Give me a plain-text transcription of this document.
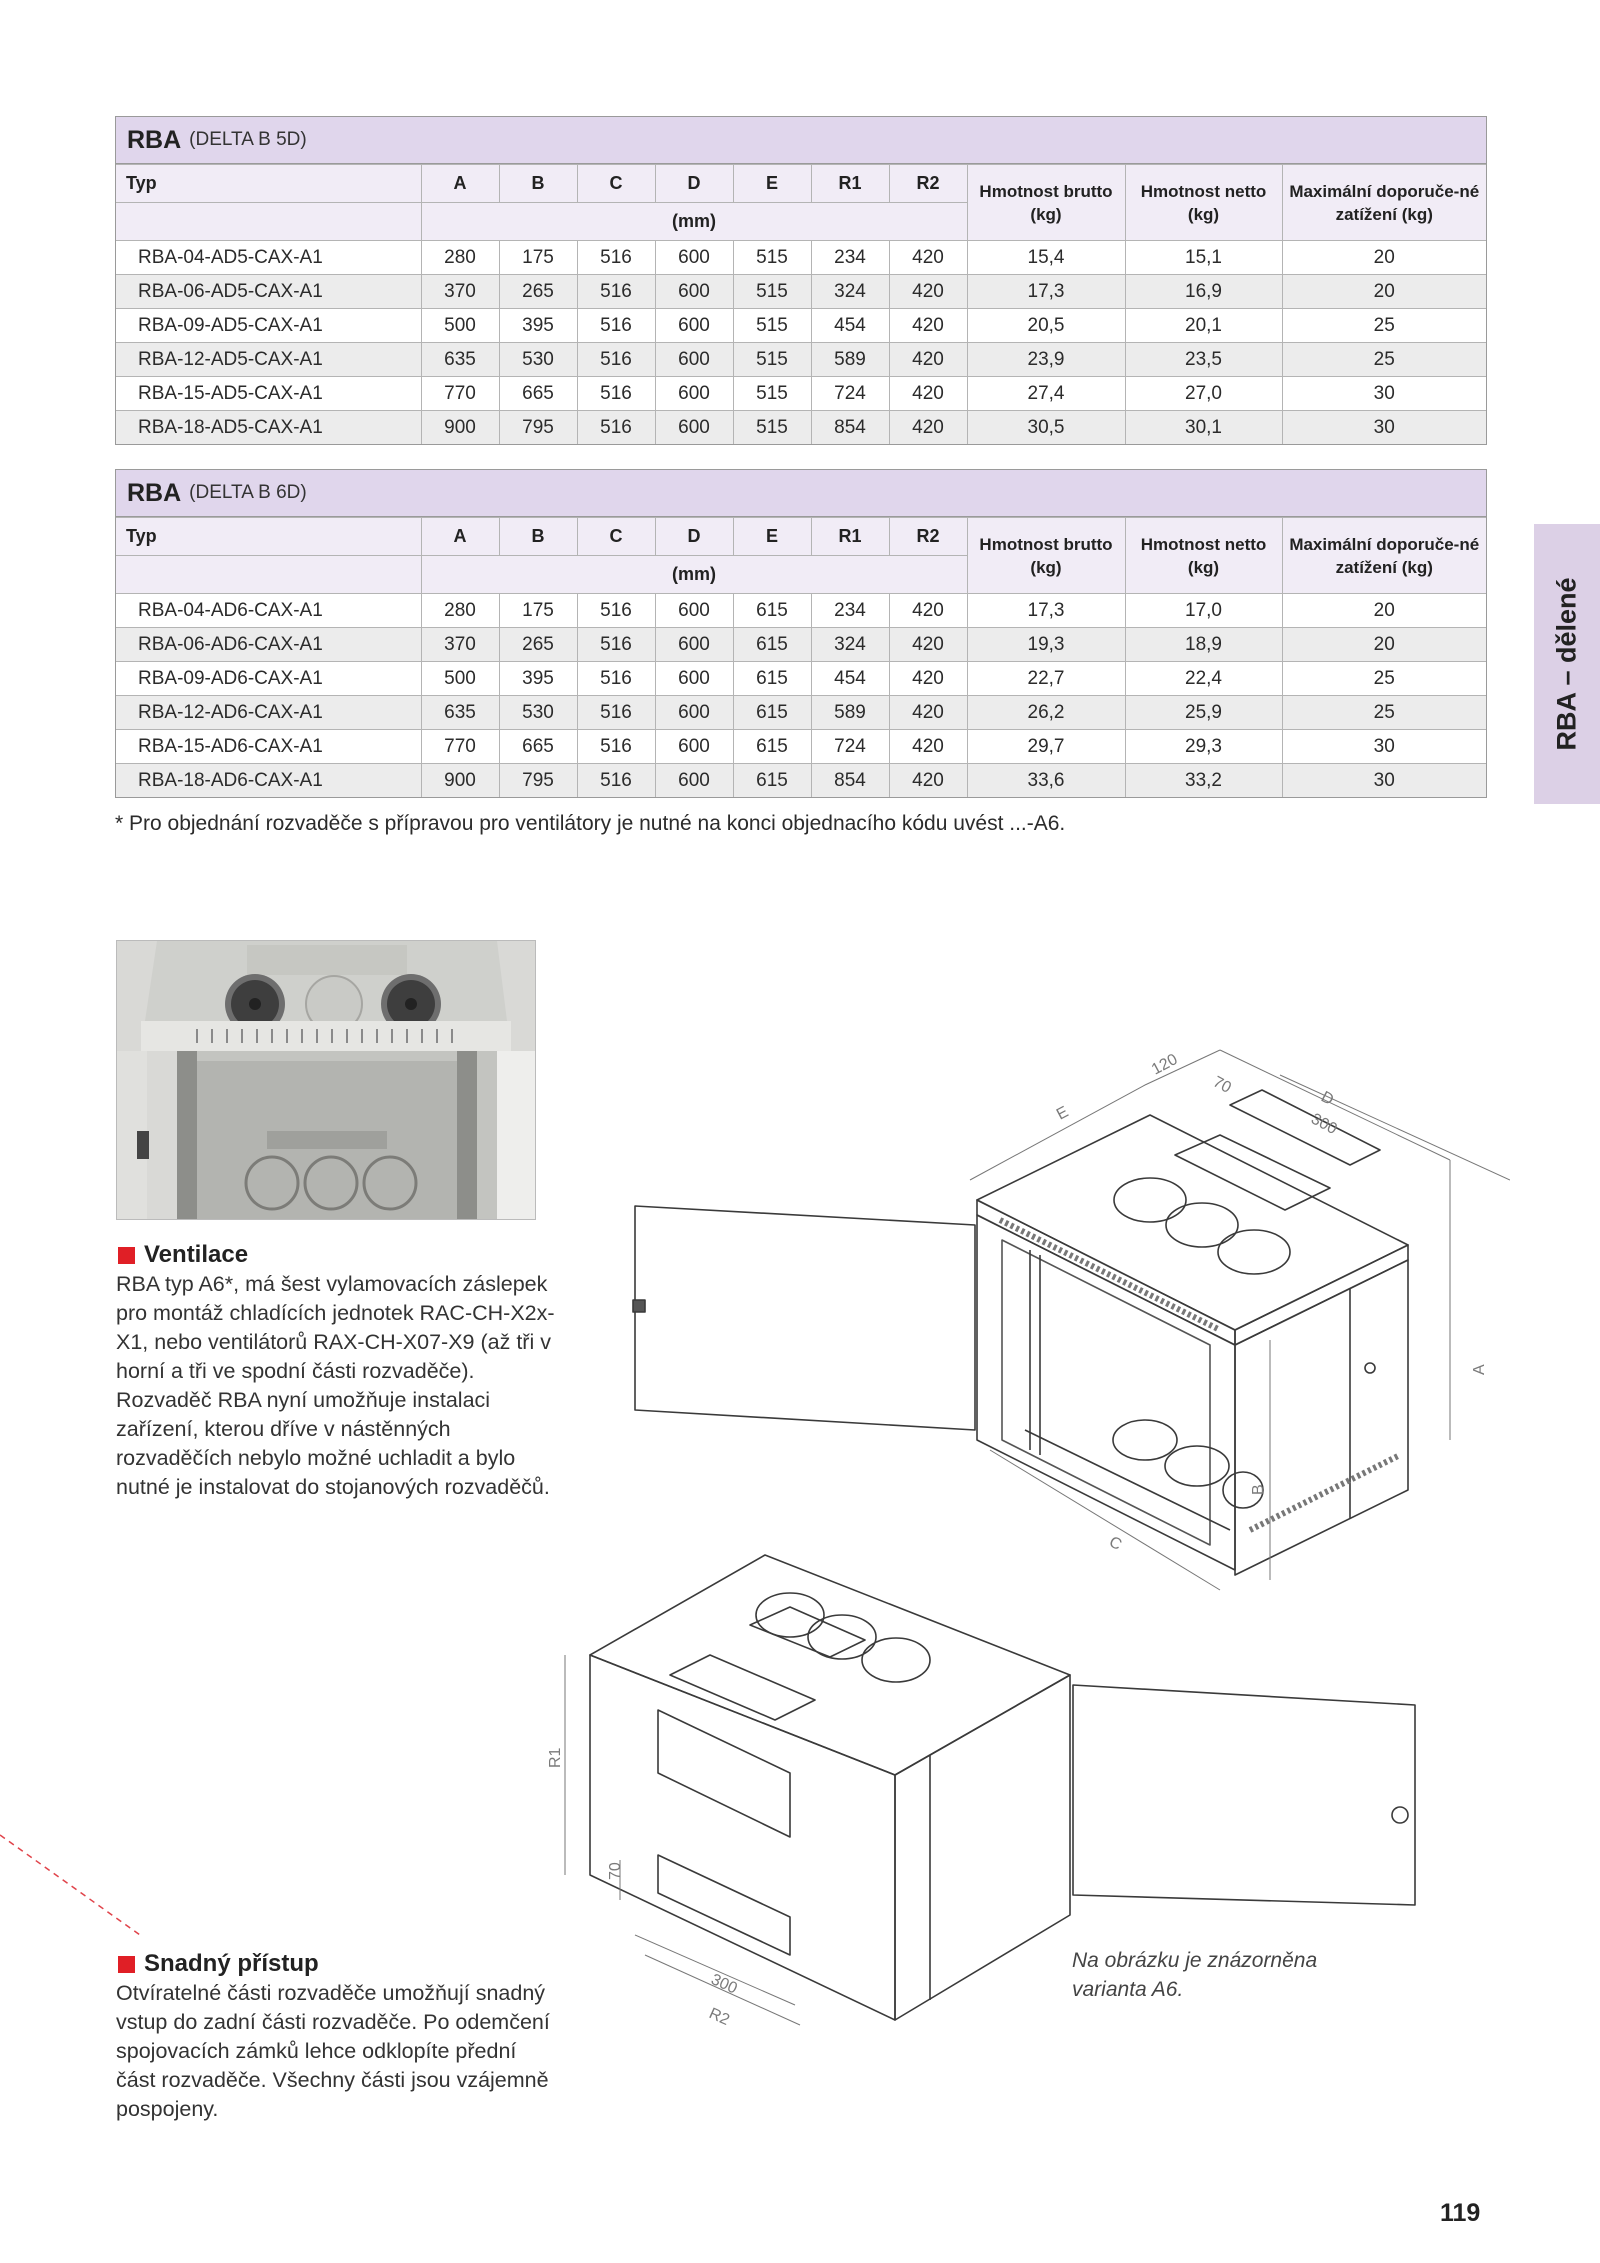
RBA (DELTA B 5D)
Typ	A	B	C	D	E	R1	R2	Hmotnost brutto (kg)	Hmotnost netto (kg)	Maximální doporuče-né zatížení (kg)
	(mm)									
RBA-04-AD5-CAX-A1	280	175	516	600	515	234	420	15,4	15,1	20
RBA-06-AD5-CAX-A1	370	265	516	600	515	324	420	17,3	16,9	20
RBA-09-AD5-CAX-A1	500	395	516	600	515	454	420	20,5	20,1	25
RBA-12-AD5-CAX-A1	635	530	516	600	515	589	420	23,9	23,5	25
RBA-15-AD5-CAX-A1	770	665	516	600	515	724	420	27,4	27,0	30
RBA-18-AD5-CAX-A1	900	795	516	600	515	854	420	30,5	30,1	30
RBA (DELTA B 6D)
Typ	A	B	C	D	E	R1	R2	Hmotnost brutto (kg)	Hmotnost netto (kg)	Maximální doporuče-né zatížení (kg)
	(mm)									
RBA-04-AD6-CAX-A1	280	175	516	600	615	234	420	17,3	17,0	20
RBA-06-AD6-CAX-A1	370	265	516	600	615	324	420	19,3	18,9	20
RBA-09-AD6-CAX-A1	500	395	516	600	615	454	420	22,7	22,4	25
RBA-12-AD6-CAX-A1	635	530	516	600	615	589	420	26,2	25,9	25
RBA-15-AD6-CAX-A1	770	665	516	600	615	724	420	29,7	29,3	30
RBA-18-AD6-CAX-A1	900	795	516	600	615	854	420	33,6	33,2	30
* Pro objednání rozvaděče s přípravou pro ventilátory je nutné na konci objednacího kódu uvést ...-A6.
RBA – dělené
Ventilace
RBA typ A6*, má šest vylamovacích záslepek pro montáž chladících jednotek RAC-CH-X2x-X1, nebo ventilátorů RAX-CH-X07-X9 (až tři v horní a tři ve spodní části rozvaděče). Rozvaděč RBA nyní umožňuje instalaci zařízení, kterou dříve v nástěnných rozvaděčích nebylo možné uchladit a bylo nutné je instalovat do stojanových rozvaděčů.
Snadný přístup
Otvíratelné části rozvaděče umožňují snadný vstup do zadní části rozvaděče. Po odemčení spojovacích zámků lehce odklopíte přední část rozvaděče. Všechny části jsou vzájemně pospojeny.
Na obrázku je znázorněna varianta A6.
E
120
70
D
300
A
B
C
R1
70
300
R2
119
